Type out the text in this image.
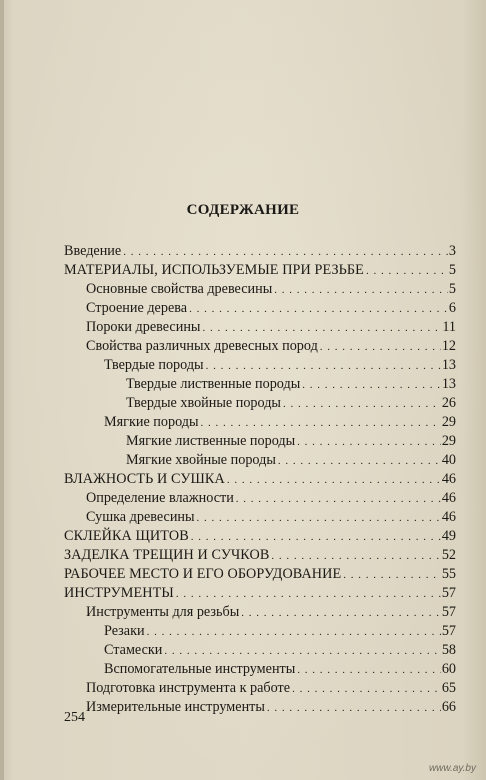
СОДЕРЖАНИЕ
Введение . . .	3
МАТЕРИАЛЫ, ИСПОЛЬЗУЕМЫЕ ПРИ РЕЗЬБЕ . . .	5
Основные свойства древесины . . .	5
Строение дерева . . .	6
Пороки древесины . . .	11
Свойства различных древесных пород . . .	12
Твердые породы . . .	13
Твердые лиственные породы . . .	13
Твердые хвойные породы . . .	26
Мягкие породы . . .	29
Мягкие лиственные породы . . .	29
Мягкие хвойные породы . . .	40
ВЛАЖНОСТЬ И СУШКА . . .	46
Определение влажности . . .	46
Сушка древесины . . .	46
СКЛЕЙКА ЩИТОВ . . .	49
ЗАДЕЛКА ТРЕЩИН И СУЧКОВ . . .	52
РАБОЧЕЕ МЕСТО И ЕГО ОБОРУДОВАНИЕ . . .	55
ИНСТРУМЕНТЫ . . .	57
Инструменты для резьбы . . .	57
Резаки . . .	57
Стамески . . .	58
Вспомогательные инструменты . . .	60
Подготовка инструмента к работе . . .	65
Измерительные инструменты . . .	66
254
www.ay.by
